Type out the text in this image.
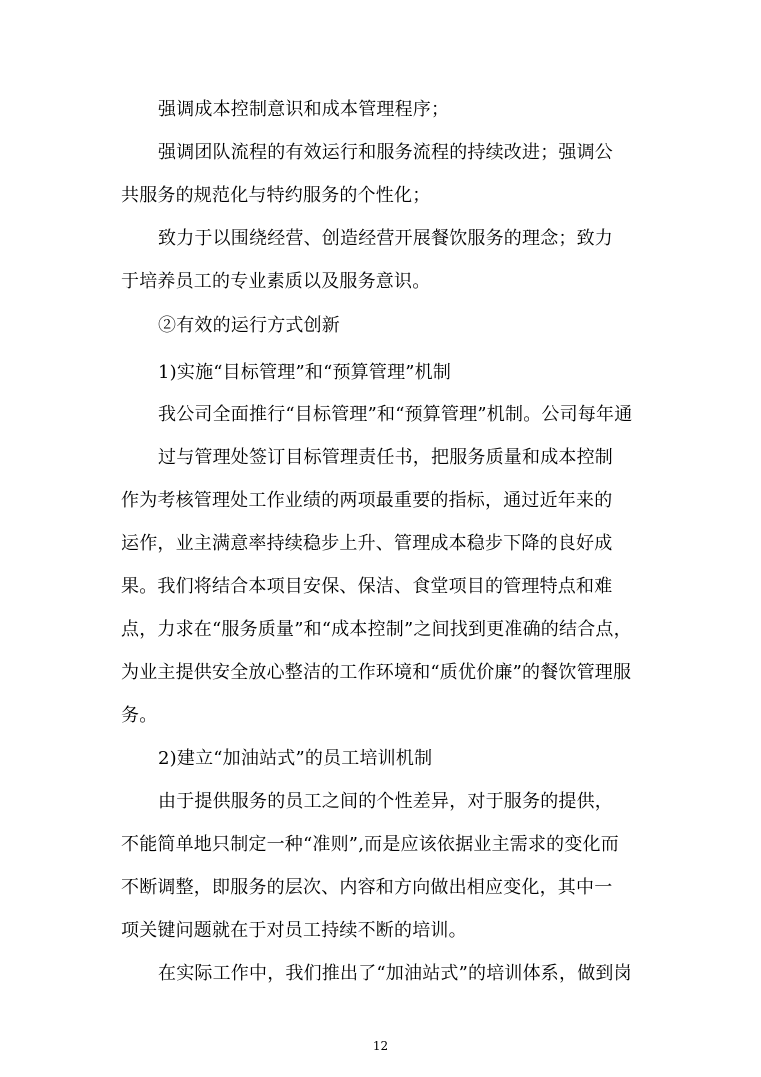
强调成本控制意识和成本管理程序；
强调团队流程的有效运行和服务流程的持续改进；强调公
共服务的规范化与特约服务的个性化；
致力于以围绕经营、创造经营开展餐饮服务的理念；致力
于培养员工的专业素质以及服务意识。
②有效的运行方式创新
1)实施“目标管理”和“预算管理”机制
我公司全面推行“目标管理”和“预算管理”机制。公司每年通
过与管理处签订目标管理责任书，把服务质量和成本控制
作为考核管理处工作业绩的两项最重要的指标，通过近年来的
运作，业主满意率持续稳步上升、管理成本稳步下降的良好成
果。我们将结合本项目安保、保洁、食堂项目的管理特点和难
点，力求在“服务质量”和“成本控制”之间找到更准确的结合点，
为业主提供安全放心整洁的工作环境和“质优价廉”的餐饮管理服
务。
2)建立“加油站式”的员工培训机制
由于提供服务的员工之间的个性差异，对于服务的提供，
不能简单地只制定一种“准则”,而是应该依据业主需求的变化而
不断调整，即服务的层次、内容和方向做出相应变化，其中一
项关键问题就在于对员工持续不断的培训。
在实际工作中，我们推出了“加油站式”的培训体系，做到岗
12
